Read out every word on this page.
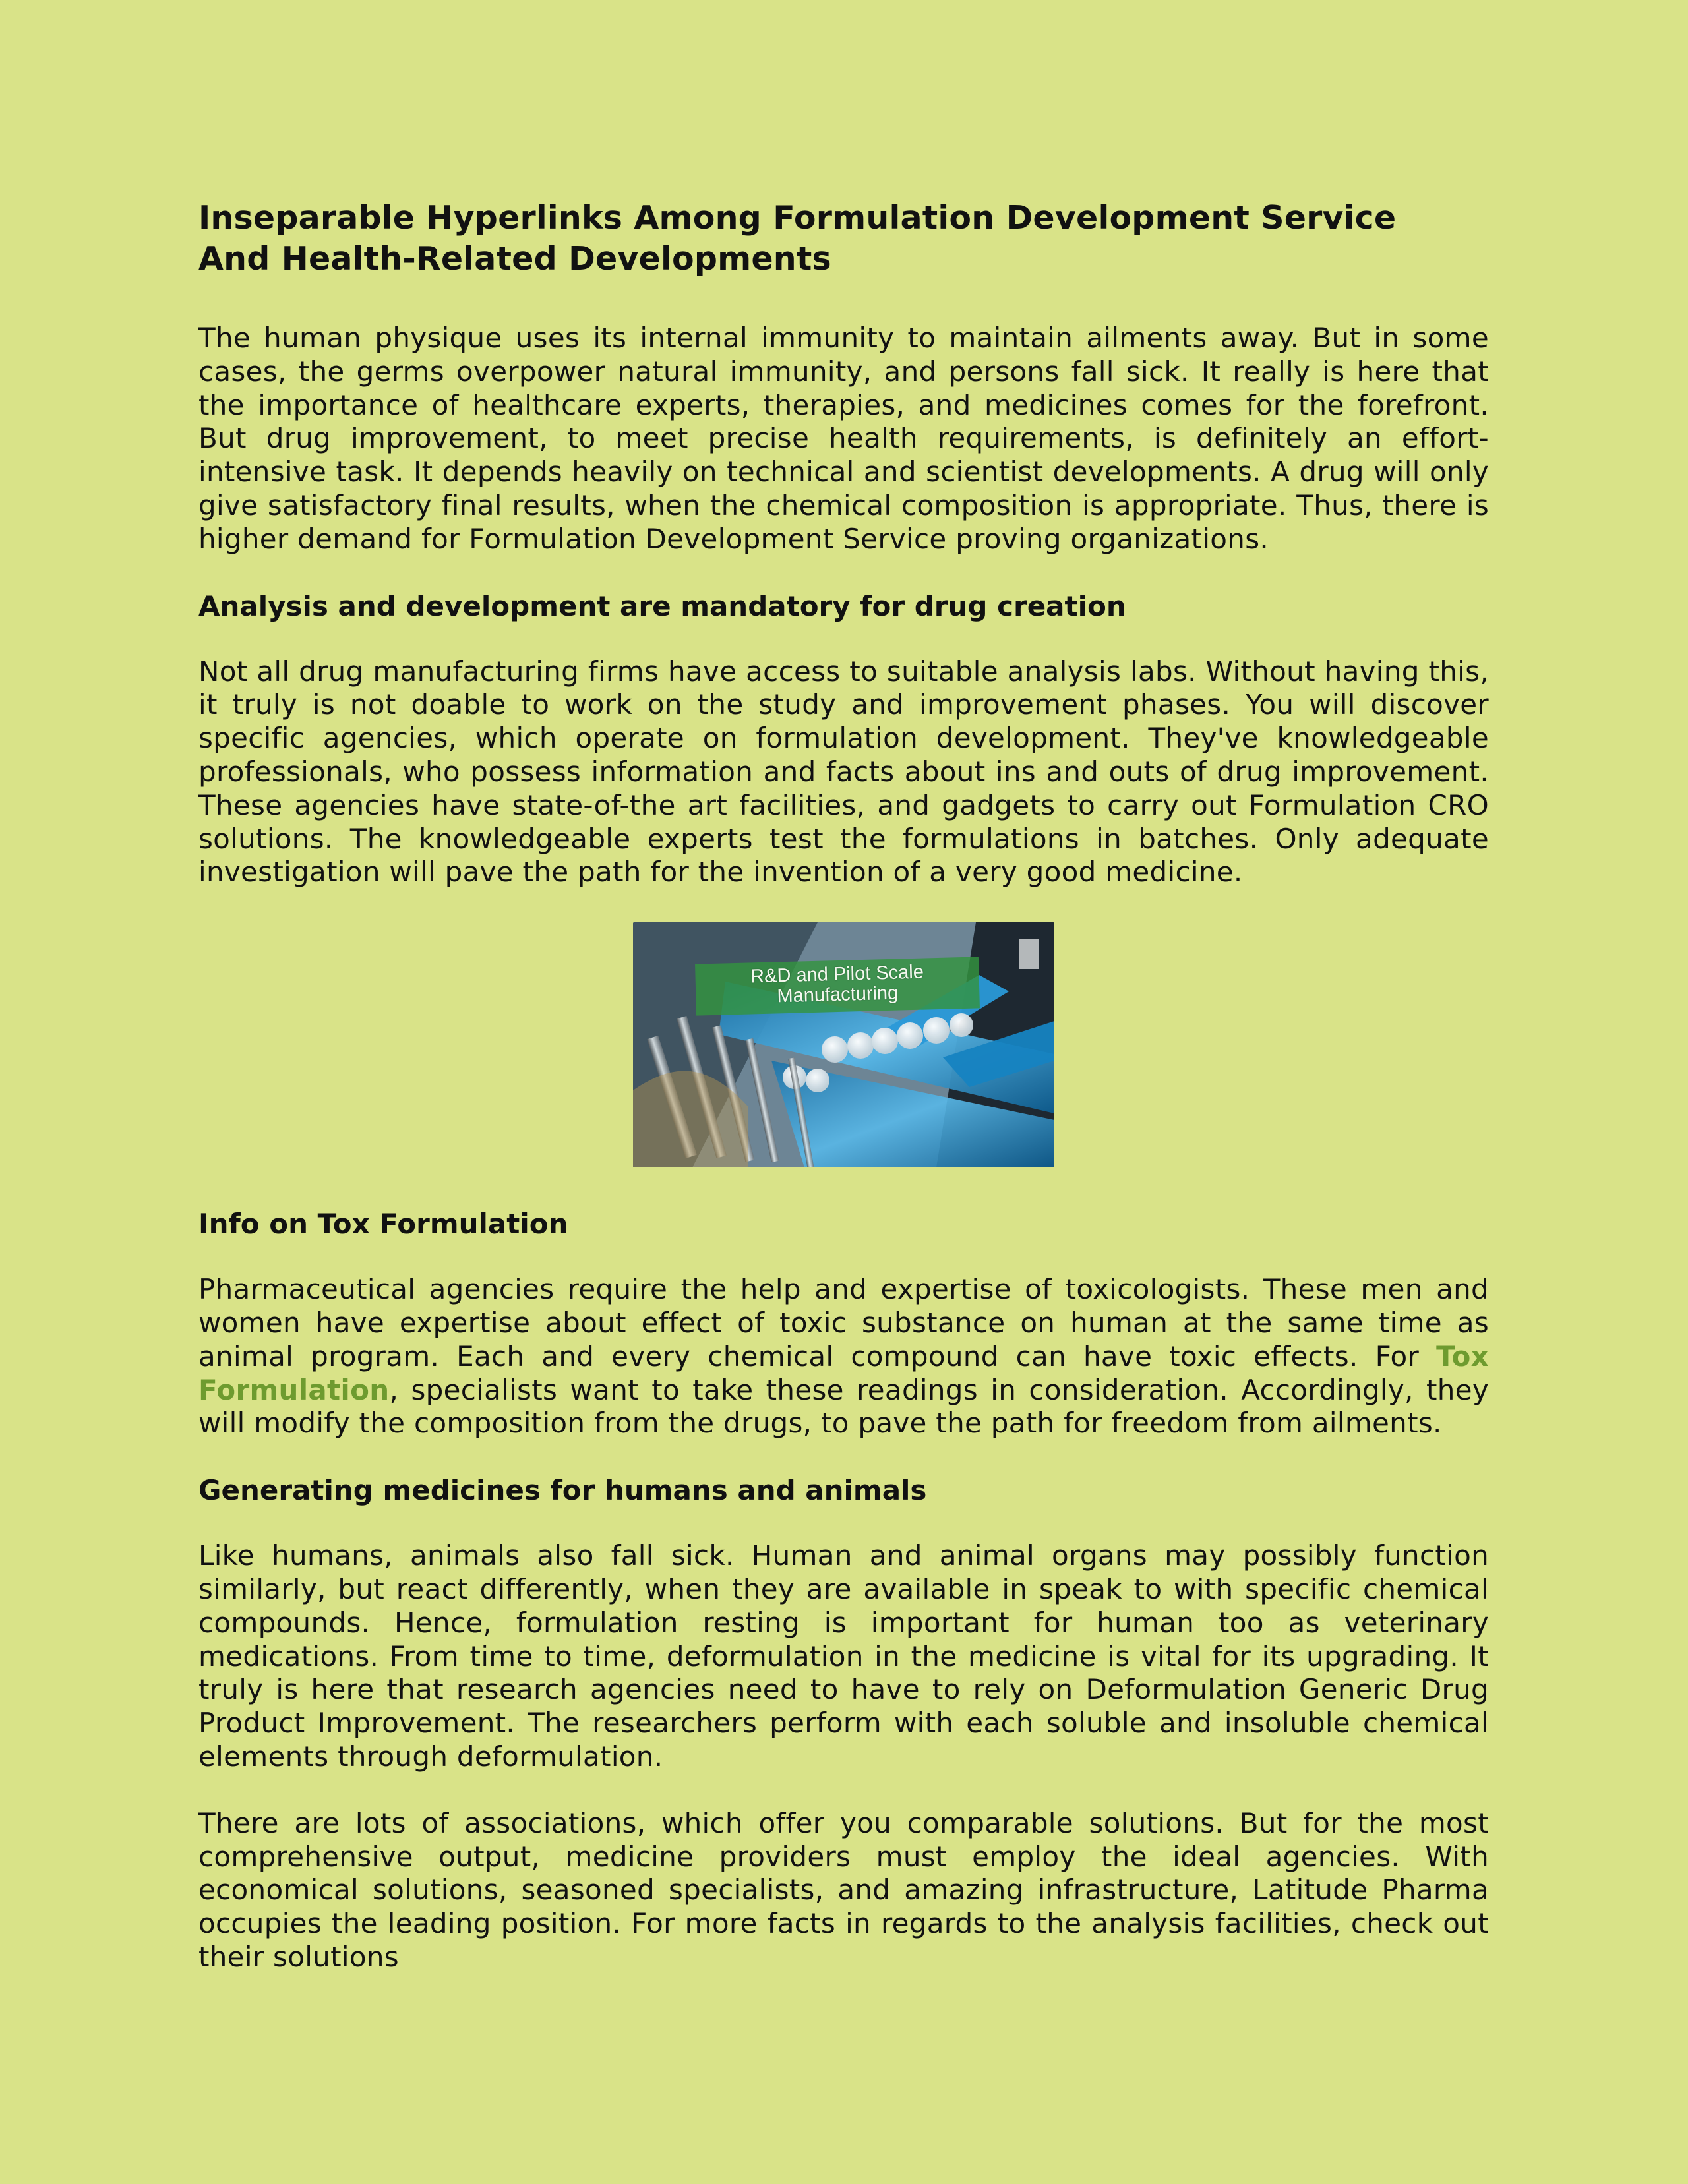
Inseparable Hyperlinks Among Formulation Development Service
And Health-Related Developments

The human physique uses its internal immunity to maintain ailments away. But in some cases, the germs overpower natural immunity, and persons fall sick. It really is here that the importance of healthcare experts, therapies, and medicines comes for the forefront. But drug improvement, to meet precise health requirements, is definitely an effort-intensive task. It depends heavily on technical and scientist developments. A drug will only give satisfactory final results, when the chemical composition is appropriate. Thus, there is higher demand for Formulation Development Service proving organizations.

Analysis and development are mandatory for drug creation

Not all drug manufacturing firms have access to suitable analysis labs. Without having this, it truly is not doable to work on the study and improvement phases. You will discover specific agencies, which operate on formulation development. They've knowledgeable professionals, who possess information and facts about ins and outs of drug improvement. These agencies have state-of-the art facilities, and gadgets to carry out Formulation CRO solutions. The knowledgeable experts test the formulations in batches. Only adequate investigation will pave the path for the invention of a very good medicine.

R&D and Pilot Scale
Manufacturing
Info on Tox Formulation

Pharmaceutical agencies require the help and expertise of toxicologists. These men and women have expertise about effect of toxic substance on human at the same time as animal program. Each and every chemical compound can have toxic effects. For Tox Formulation, specialists want to take these readings in consideration. Accordingly, they will modify the composition from the drugs, to pave the path for freedom from ailments.

Generating medicines for humans and animals

Like humans, animals also fall sick. Human and animal organs may possibly function similarly, but react differently, when they are available in speak to with specific chemical compounds. Hence, formulation resting is important for human too as veterinary medications. From time to time, deformulation in the medicine is vital for its upgrading. It truly is here that research agencies need to have to rely on Deformulation Generic Drug Product Improvement. The researchers perform with each soluble and insoluble chemical elements through deformulation.

There are lots of associations, which offer you comparable solutions. But for the most comprehensive output, medicine providers must employ the ideal agencies. With economical solutions, seasoned specialists, and amazing infrastructure, Latitude Pharma occupies the leading position. For more facts in regards to the analysis facilities, check out their solutions
